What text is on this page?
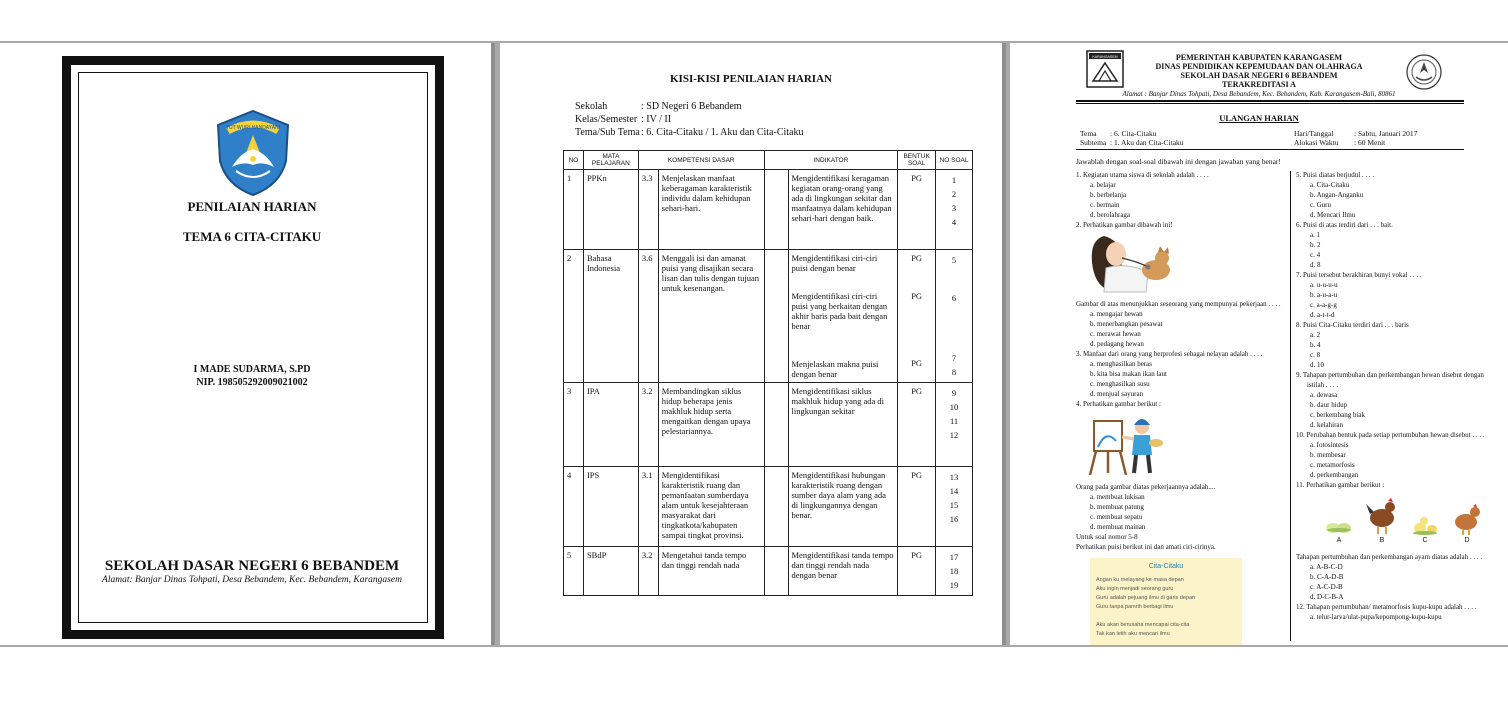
TUT WURI HANDAYANI
PENILAIAN HARIAN
TEMA 6 CITA-CITAKU
I MADE SUDARMA, S.PD
NIP. 198505292009021002
SEKOLAH DASAR NEGERI 6 BEBANDEM
Alamat: Banjar Dinas Tohpati, Desa Bebandem, Kec. Bebandem, Karangasem
KISI-KISI PENILAIAN HARIAN
Sekolah	: SD Negeri 6 Bebandem
Kelas/Semester : IV / II
Tema/Sub Tema: 6. Cita-Citaku / 1. Aku dan Cita-Citaku
NO	MATA PELAJARAN	KOMPETENSI DASAR		INDIKATOR		BENTUK SOAL	NO SOAL
1	PPKn	3.3	Menjelaskan manfaat keberagaman karakteristik individu dalam kehidupan sehari-hari.		Mengidentifikasi keragaman kegiatan orang-orang yang ada di lingkungan sekitar dan manfaatnya dalam kehidupan sehari-hari dengan baik.	PG	1
2
3
4

2	Bahasa Indonesia	3.6	Menggali isi dan amanat puisi yang disajikan secara lisan dan tulis dengan tujuan untuk kesenangan.		Mengidentifikasi ciri-ciri puisi dengan benar	PG	5

					Mengidentifikasi ciri-ciri puisi yang berkaitan dengan akhir baris pada bait dengan benar	PG	6

					Menjelaskan makna puisi dengan benar	PG	7
8

3	IPA	3.2	Membandingkan siklus hidup beberapa jenis makhluk hidup serta mengaitkan dengan upaya pelestariannya.		Mengidentifikasi siklus makhluk hidup yang ada di lingkungan sekitar	PG	9
10
11
12

4	IPS	3.1	Mengidentifikasi karakteristik ruang dan pemanfaatan sumberdaya alam untuk kesejahteraan masyarakat dari tingkatkota/kabupaten sampai tingkat provinsi.		Mengidentifikasi hubungan karakteristik ruang dengan sumber daya alam yang ada di lingkungannya dengan benar.	PG	13
14
15
16

5	SBdP	3.2	Mengetahui tanda tempo dan tinggi rendah nada		Mengidentifikasi tanda tempo dan tinggi rendah nada dengan benar	PG	17
18
19
KARANGASEM	PEMERINTAH KABUPATEN KARANGASEM
DINAS PENDIDIKAN KEPEMUDAAN DAN OLAHRAGA
SEKOLAH DASAR NEGERI 6 BEBANDEM
TERAKREDITASI A
Alamat : Banjar Dinas Tohpati, Desa Bebandem, Kec. Bebandem, Kab. Karangasem-Bali, 80861
ULANGAN HARIAN
Tema : 6. Cita-Citaku
Subtema : 1. Aku dan Cita-Citaku
Hari/Tanggal	: Sabtu, Januari 2017
Alokasi Waktu : 60 Menit
Jawablah dengan soal-soal dibawah ini dengan jawaban yang benar!
1. Kegiatan utama siswa di sekolah adalah . . . .
a. belajar
b. berbelanja
c. bermain
d. berolahraga
2. Perhatikan gambar dibawah ini!
Gambar di atas menunjukkan seseorang yang mempunyai pekerjaan . . . .
a. mengajar hewan
b. menerbangkan pesawat
c. merawat hewan
d. pedagang hewan
3. Manfaat dari orang yang berprofesi sebagai nelayan adalah . . . .
a. menghasilkan beras
b. kita bisa makan ikan laut
c. menghasilkan susu
d. menjual sayuran
4. Perhatikan gambar berikut :
Orang pada gambar diatas pekerjaannya adalah....
a. membuat lukisan
b. membuat patung
c. membuat sepatu
d. membuat mainan
Untuk soal nomor 5-8
Perhatikan puisi berikut ini dan amati ciri-cirinya.
Cita-Citaku
Angan ku melayang ke masa depan
Aku ingin menjadi seorang guru
Guru adalah pejuang ilmu di garis depan
Guru tanpa pamrih berbagi ilmu

Aku akan berusaha mencapai cita-cita
Tak kan letih aku mencari ilmu
5. Puisi diatas berjudul . . . .
a. Cita-Citaku
b. Angan-Anganku
c. Guru
d. Mencari Ilmu
6. Puisi di atas terdiri dari . . . bait.
a. 1
b. 2
c. 4
d. 8
7. Puisi tersebut berakhiran bunyi vokal . . . .
a. u-u-u-u
b. a-u-a-u
c. a-a-g-g
d. a-t-t-d
8. Puisi Cita-Citaku terdiri dari . . . baris
a. 2
b. 4
c. 8
d. 10
9. Tahapan pertumbuhan dan perkembangan hewan disebut dengan istilah . . . .
a. dewasa
b. daur hidup
c. berkembang biak
d. kelahiran
10. Perubahan bentuk pada setiap pertumbuhan hewan disebut . . . .
a. fotosintesis
b. membesar
c. metamorfosis
d. perkembangan
11. Perhatikan gambar berikut :
A	B	C	D
Tahapan pertumbuhan dan perkembangan ayam diatas adalah . . . .
a. A-B-C-D
b. C-A-D-B
c. A-C-D-B
d. D-C-B-A
12. Tahapan pertumbuhan/ metamorfosis kupu-kupu adalah . . . .
a. telur-larva/ulat-pupa/kepompong-kupu-kupu
